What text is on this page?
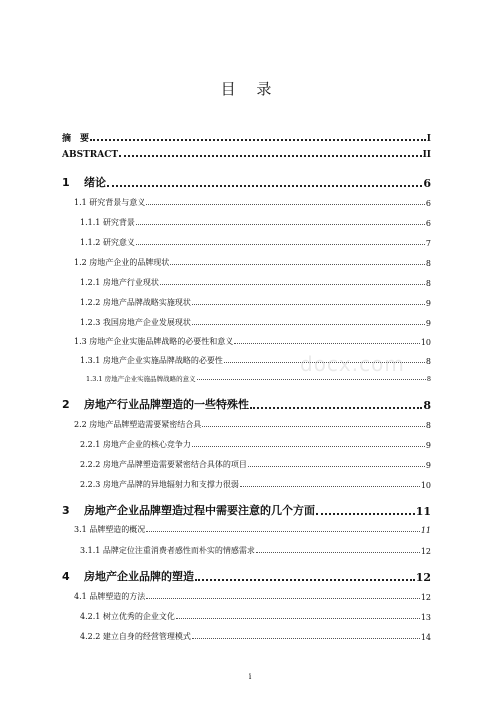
目 录
摘　要	I
ABSTRACT	II
1 绪论	6
1.1 研究背景与意义	6
1.1.1 研究背景	6
1.1.2 研究意义	7
1.2 房地产企业的品牌现状	8
1.2.1 房地产行业现状	8
1.2.2 房地产品牌战略实施现状	9
1.2.3 我国房地产企业发展现状	9
1.3 房地产企业实施品牌战略的必要性和意义	10
1.3.1 房地产企业实施品牌战略的必要性	8
1.3.1 房地产企业实施品牌战略的意义	8
2 房地产行业品牌塑造的一些特殊性	8
2.2 房地产品牌塑造需要紧密结合具	8
2.2.1 房地产企业的核心竞争力	9
2.2.2 房地产品牌塑造需要紧密结合具体的项目	9
2.2.3 房地产品牌的异地辐射力和支撑力很弱	10
3 房地产企业品牌塑造过程中需要注意的几个方面	11
3.1 品牌塑造的概况	11
3.1.1 品牌定位注重消费者感性而朴实的情感需求	12
4 房地产企业品牌的塑造	12
4.1 品牌塑造的方法	12
4.2.1 树立优秀的企业文化	13
4.2.2 建立自身的经营管理模式	14
docx.com
i
